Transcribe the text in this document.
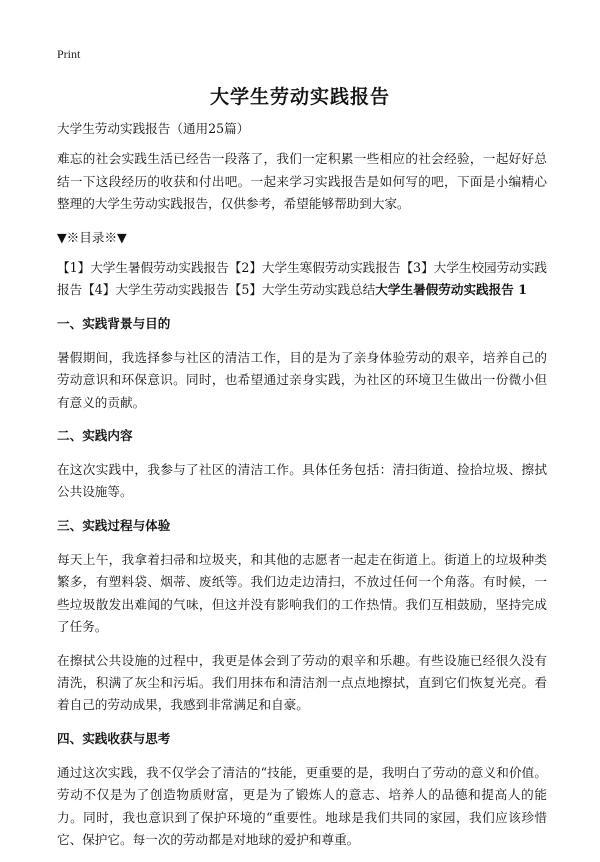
Print
大学生劳动实践报告

大学生劳动实践报告（通用25篇）

难忘的社会实践生活已经告一段落了，我们一定积累一些相应的社会经验，一起好好总结一下这段经历的收获和付出吧。一起来学习实践报告是如何写的吧，下面是小编精心整理的大学生劳动实践报告，仅供参考，希望能够帮助到大家。

▼※目录※▼

【1】大学生暑假劳动实践报告【2】大学生寒假劳动实践报告【3】大学生校园劳动实践报告【4】大学生劳动实践报告【5】大学生劳动实践总结大学生暑假劳动实践报告 1

一、实践背景与目的

暑假期间，我选择参与社区的清洁工作，目的是为了亲身体验劳动的艰辛，培养自己的劳动意识和环保意识。同时，也希望通过亲身实践，为社区的环境卫生做出一份微小但有意义的贡献。

二、实践内容

在这次实践中，我参与了社区的清洁工作。具体任务包括：清扫街道、捡拾垃圾、擦拭公共设施等。

三、实践过程与体验

每天上午，我拿着扫帚和垃圾夹，和其他的志愿者一起走在街道上。街道上的垃圾种类繁多，有塑料袋、烟蒂、废纸等。我们边走边清扫，不放过任何一个角落。有时候，一些垃圾散发出难闻的气味，但这并没有影响我们的工作热情。我们互相鼓励，坚持完成了任务。

在擦拭公共设施的过程中，我更是体会到了劳动的艰辛和乐趣。有些设施已经很久没有清洗，积满了灰尘和污垢。我们用抹布和清洁剂一点点地擦拭，直到它们恢复光亮。看着自己的劳动成果，我感到非常满足和自豪。

四、实践收获与思考

通过这次实践，我不仅学会了清洁的“技能，更重要的是，我明白了劳动的意义和价值。劳动不仅是为了创造物质财富，更是为了锻炼人的意志、培养人的品德和提高人的能力。同时，我也意识到了保护环境的“重要性。地球是我们共同的家园，我们应该珍惜它、保护它。每一次的劳动都是对地球的爱护和尊重。
